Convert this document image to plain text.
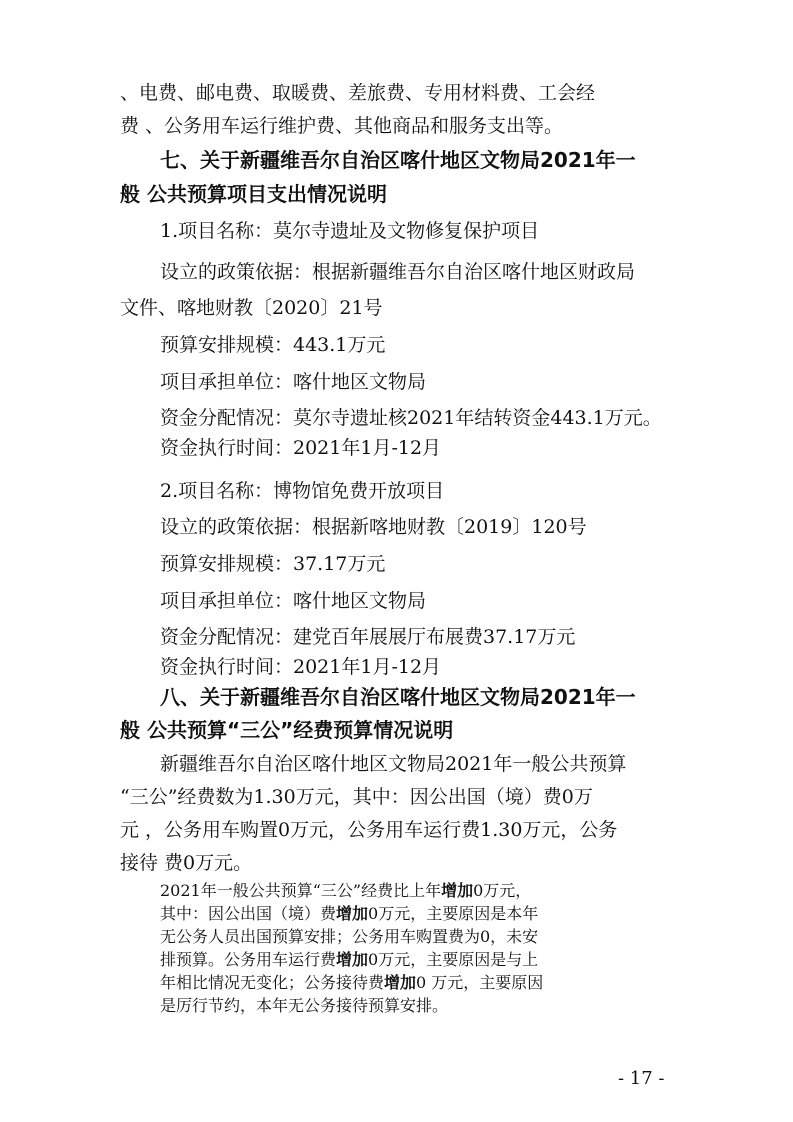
、电费、邮电费、取暖费、差旅费、专用材料费、工会经
费 、公务用车运行维护费、其他商品和服务支出等。
七、关于新疆维吾尔自治区喀什地区文物局2021年一
般 公共预算项目支出情况说明
1.项目名称：莫尔寺遗址及文物修复保护项目
设立的政策依据：根据新疆维吾尔自治区喀什地区财政局
文件、喀地财教〔2020〕21号
预算安排规模：443.1万元
项目承担单位：喀什地区文物局
资金分配情况：莫尔寺遗址核2021年结转资金443.1万元。
资金执行时间：2021年1月-12月
2.项目名称：博物馆免费开放项目
设立的政策依据：根据新喀地财教〔2019〕120号
预算安排规模：37.17万元
项目承担单位：喀什地区文物局
资金分配情况：建党百年展展厅布展费37.17万元
资金执行时间：2021年1月-12月
八、关于新疆维吾尔自治区喀什地区文物局2021年一
般 公共预算“三公”经费预算情况说明
新疆维吾尔自治区喀什地区文物局2021年一般公共预算
“三公”经费数为1.30万元，其中：因公出国（境）费0万
元 ，公务用车购置0万元，公务用车运行费1.30万元，公务
接待 费0万元。
2021年一般公共预算“三公”经费比上年增加0万元，
其中：因公出国（境）费增加0万元，主要原因是本年
无公务人员出国预算安排；公务用车购置费为0，未安
排预算。公务用车运行费增加0万元，主要原因是与上
年相比情况无变化；公务接待费增加0 万元，主要原因
是厉行节约，本年无公务接待预算安排。
- 17 -
